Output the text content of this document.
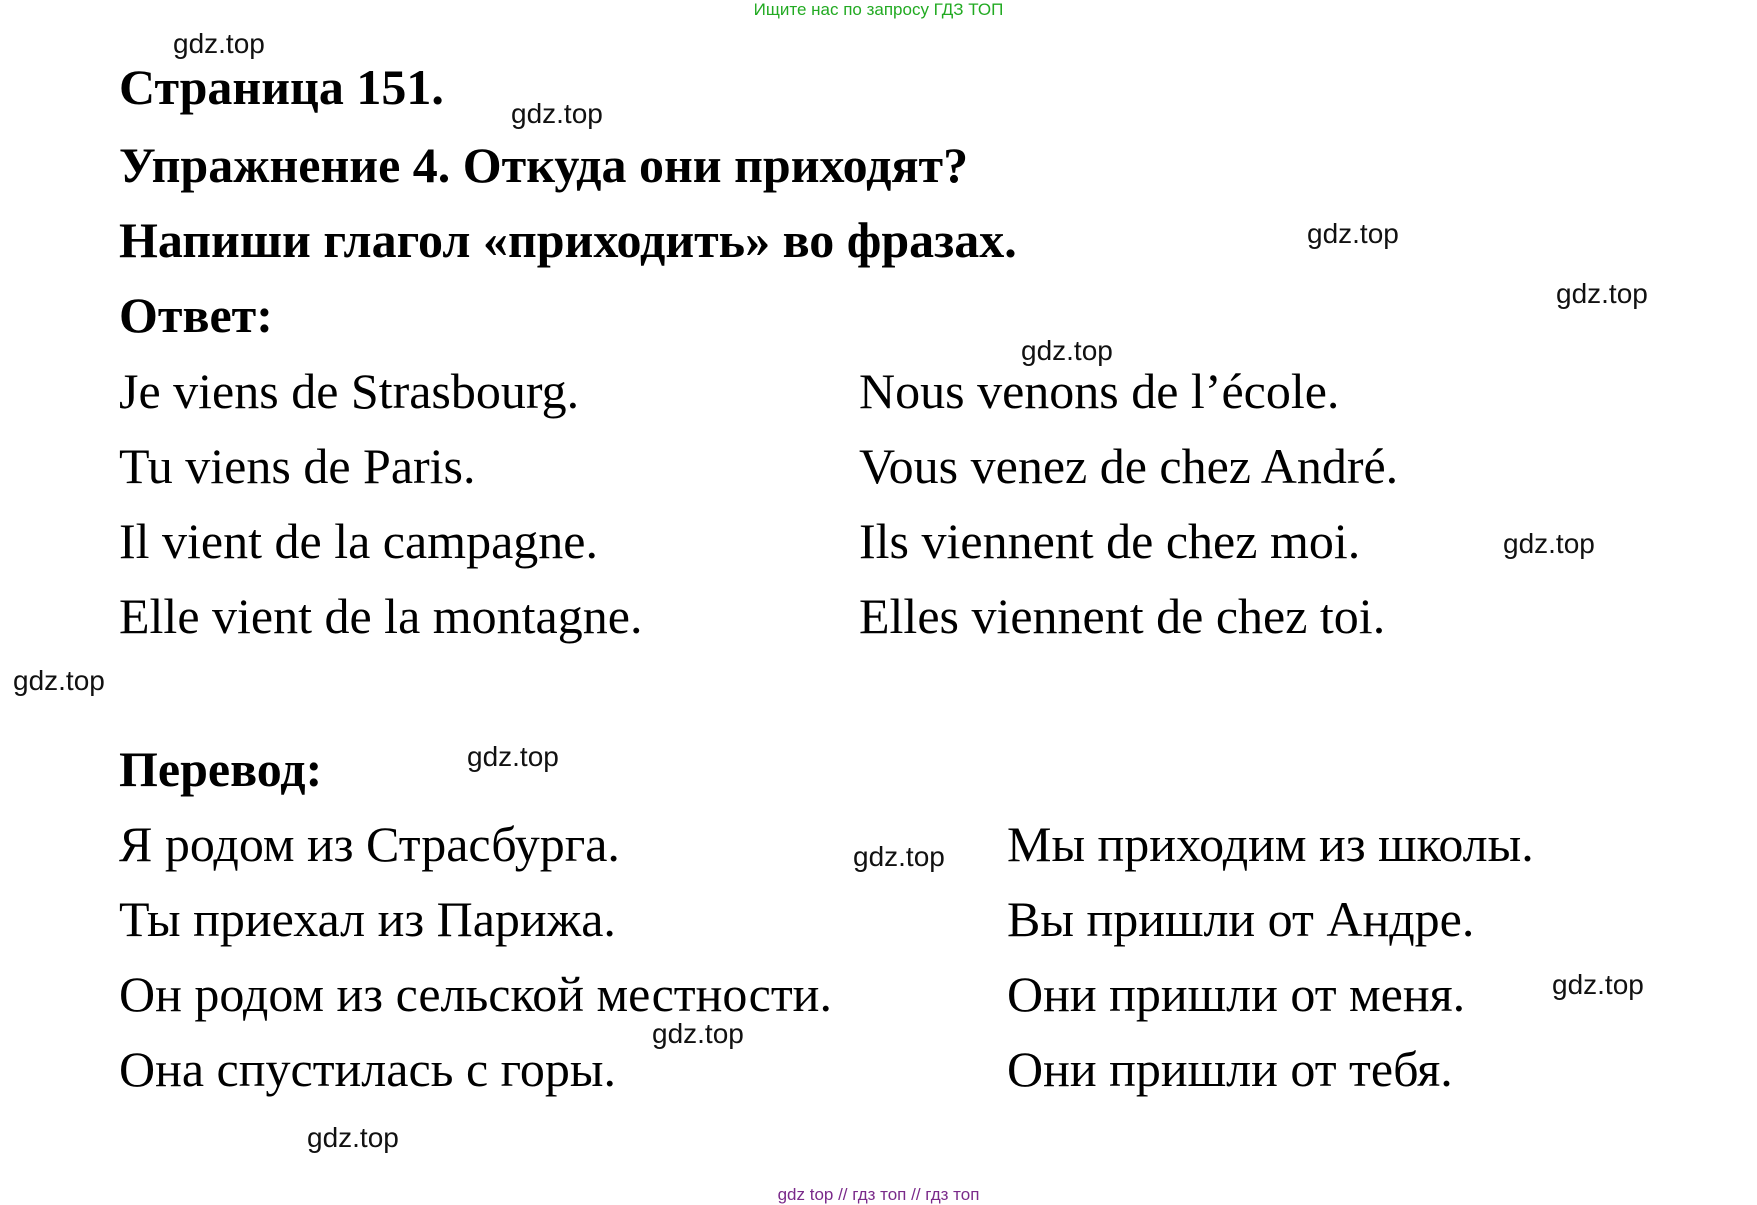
Ищите нас по запросу ГДЗ ТОП
gdz.top
gdz.top
gdz.top
gdz.top
gdz.top
gdz.top
gdz.top
gdz.top
gdz.top
gdz.top
gdz.top
gdz.top
Страница 151.
Упражнение 4. Откуда они приходят?
Напиши глагол «приходить» во фразах.
Ответ:
Je viens de Strasbourg.
Tu viens de Paris.
Il vient de la campagne.
Elle vient de la montagne.
Nous venons de l’école.
Vous venez de chez André.
Ils viennent de chez moi.
Elles viennent de chez toi.
Перевод:
Я родом из Страсбурга.
Ты приехал из Парижа.
Он родом из сельской местности.
Она спустилась с горы.
Мы приходим из школы.
Вы пришли от Андре.
Они пришли от меня.
Они пришли от тебя.
gdz top // гдз топ // гдз топ
